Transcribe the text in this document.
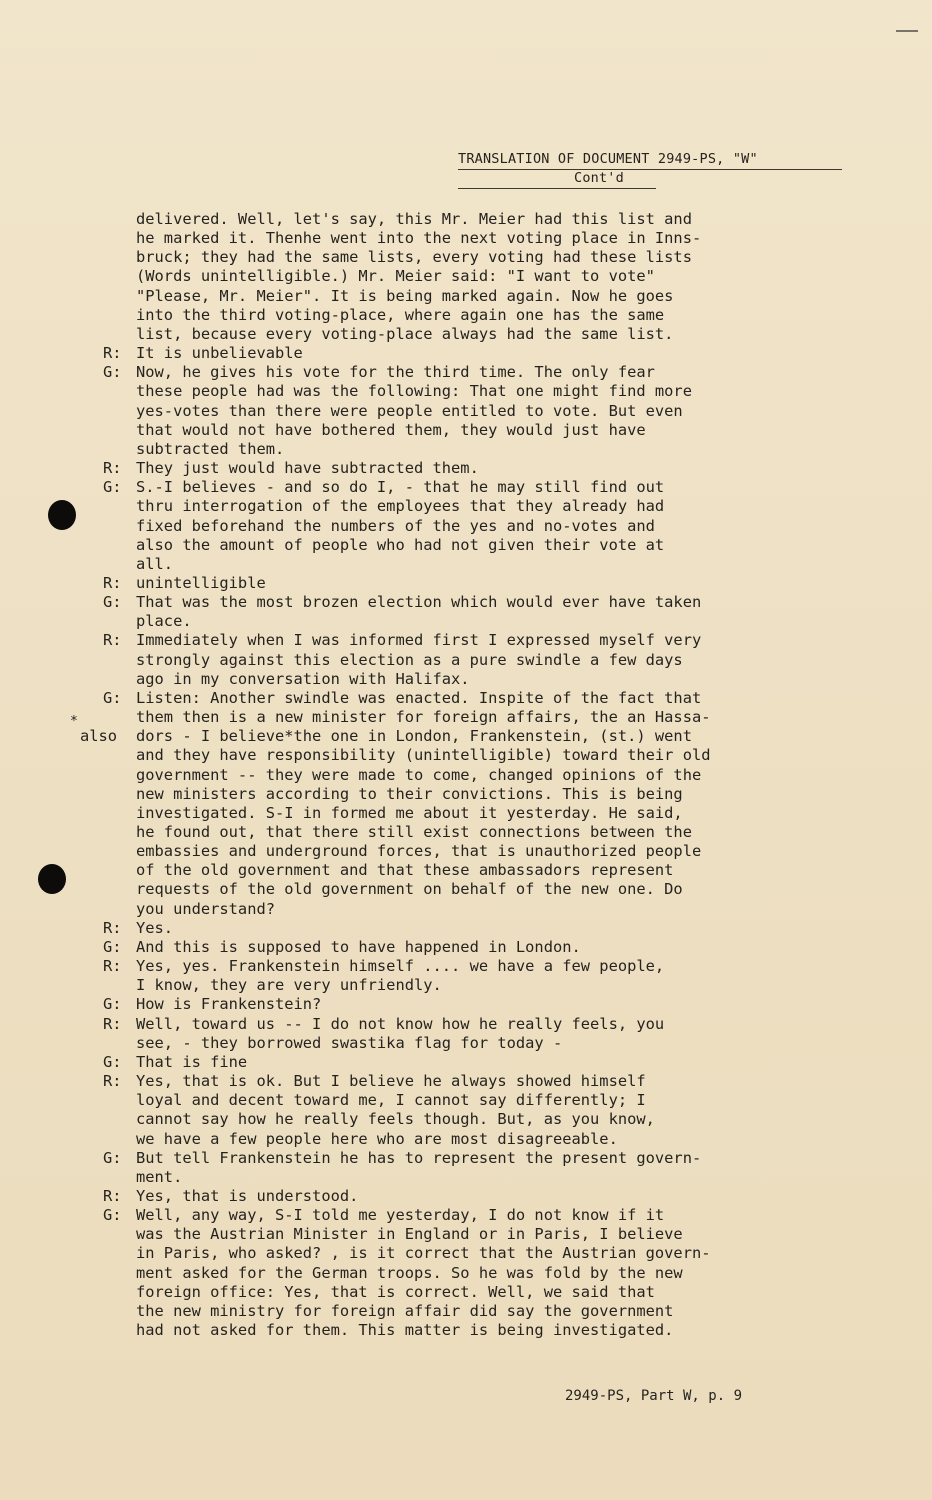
TRANSLATION OF DOCUMENT 2949-PS, "W"
Cont'd
*
delivered. Well, let's say, this Mr. Meier had this list and
he marked it. Thenhe went into the next voting place in Inns-
bruck; they had the same lists, every voting had these lists
(Words unintelligible.) Mr. Meier said: "I want to vote"
"Please, Mr. Meier". It is being marked again. Now he goes
into the third voting-place, where again one has the same
list, because every voting-place always had the same list.
R: It is unbelievable
G: Now, he gives his vote for the third time. The only fear
these people had was the following: That one might find more
yes-votes than there were people entitled to vote. But even
that would not have bothered them, they would just have
subtracted them.
R: They just would have subtracted them.
G: S.-I believes - and so do I, - that he may still find out
thru interrogation of the employees that they already had
fixed beforehand the numbers of the yes and no-votes and
also the amount of people who had not given their vote at
all.
R: unintelligible
G: That was the most brozen election which would ever have taken
place.
R: Immediately when I was informed first I expressed myself very
strongly against this election as a pure swindle a few days
ago in my conversation with Halifax.
G: Listen: Another swindle was enacted. Inspite of the fact that
them then is a new minister for foreign affairs, the an Hassa-
also	dors - I believe*the one in London, Frankenstein, (st.) went
and they have responsibility (unintelligible) toward their old
government -- they were made to come, changed opinions of the
new ministers according to their convictions. This is being
investigated. S-I in formed me about it yesterday. He said,
he found out, that there still exist connections between the
embassies and underground forces, that is unauthorized people
of the old government and that these ambassadors represent
requests of the old government on behalf of the new one. Do
you understand?
R: Yes.
G: And this is supposed to have happened in London.
R: Yes, yes. Frankenstein himself .... we have a few people,
I know, they are very unfriendly.
G: How is Frankenstein?
R: Well, toward us -- I do not know how he really feels, you
see, - they borrowed swastika flag for today -
G: That is fine
R: Yes, that is ok. But I believe he always showed himself
loyal and decent toward me, I cannot say differently; I
cannot say how he really feels though. But, as you know,
we have a few people here who are most disagreeable.
G: But tell Frankenstein he has to represent the present govern-
ment.
R: Yes, that is understood.
G: Well, any way, S-I told me yesterday, I do not know if it
was the Austrian Minister in England or in Paris, I believe
in Paris, who asked? , is it correct that the Austrian govern-
ment asked for the German troops. So he was fold by the new
foreign office: Yes, that is correct. Well, we said that
the new ministry for foreign affair did say the government
had not asked for them. This matter is being investigated.
2949-PS, Part W, p. 9
